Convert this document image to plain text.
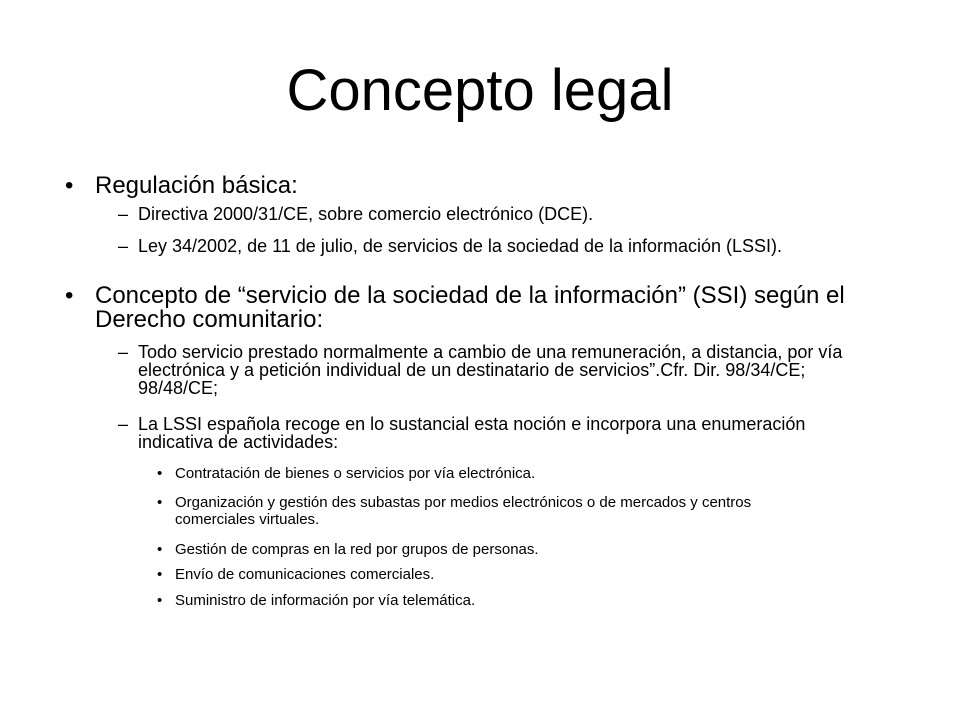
Concepto legal
• Regulación básica:
– Directiva 2000/31/CE, sobre comercio electrónico (DCE).
– Ley 34/2002, de 11 de julio, de servicios de la sociedad de la información (LSSI).
• Concepto de “servicio de la sociedad de la información” (SSI) según el Derecho comunitario:
– Todo servicio prestado normalmente a cambio de una remuneración, a distancia, por vía electrónica y a petición individual de un destinatario de servicios”.Cfr. Dir. 98/34/CE; 98/48/CE;
– La LSSI española recoge en lo sustancial esta noción e incorpora una enumeración indicativa de actividades:
• Contratación de bienes o servicios por vía electrónica.
• Organización y gestión des subastas por medios electrónicos o de mercados y centros comerciales virtuales.
• Gestión de compras en la red por grupos de personas.
• Envío de comunicaciones comerciales.
• Suministro de información por vía telemática.
